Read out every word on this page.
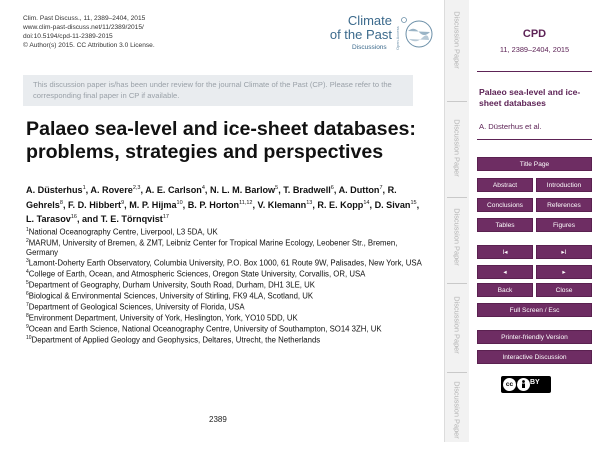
Clim. Past Discuss., 11, 2389–2404, 2015
www.clim-past-discuss.net/11/2389/2015/
doi:10.5194/cpd-11-2389-2015
© Author(s) 2015. CC Attribution 3.0 License.
Climate
of the Past
Discussions Open Access
This discussion paper is/has been under review for the journal Climate of the Past (CP). Please refer to the corresponding final paper in CP if available.
Palaeo sea-level and ice-sheet databases:
problems, strategies and perspectives
A. Düsterhus$^1$, A. Rovere$^{2,3}$, A. E. Carlson$^4$, N. L. M. Barlow$^5$, T. Bradwell$^6$, A. Dutton$^7$, R. Gehrels$^8$, F. D. Hibbert$^9$, M. P. Hijma$^{10}$, B. P. Horton$^{11,12}$, V. Klemann$^{13}$, R. E. Kopp$^{14}$, D. Sivan$^{15}$, L. Tarasov$^{16}$, and T. E. Törnqvist$^{17}$
$^1$National Oceanography Centre, Liverpool, L3 5DA, UK
$^2$MARUM, University of Bremen, & ZMT, Leibniz Center for Tropical Marine Ecology, Leobener Str., Bremen, Germany
$^3$Lamont-Doherty Earth Observatory, Columbia University, P.O. Box 1000, 61 Route 9W, Palisades, New York, USA
$^4$College of Earth, Ocean, and Atmospheric Sciences, Oregon State University, Corvallis, OR, USA
$^5$Department of Geography, Durham University, South Road, Durham, DH1 3LE, UK
$^6$Biological & Environmental Sciences, University of Stirling, FK9 4LA, Scotland, UK
$^7$Department of Geological Sciences, University of Florida, USA
$^8$Environment Department, University of York, Heslington, York, YO10 5DD, UK
$^9$Ocean and Earth Science, National Oceanography Centre, University of Southampton, SO14 3ZH, UK
$^{10}$Department of Applied Geology and Geophysics, Deltares, Utrecht, the Netherlands
2389
Discussion Paper
Discussion Paper
Discussion Paper
Discussion Paper
Discussion Paper
CPD
11, 2389–2404, 2015
Palaeo sea-level and ice-sheet databases
A. Düsterhus et al.
Title Page
Abstract	Introduction
Conclusions	References
Tables	Figures
I◂	▸I
◂	▸
Back	Close
Full Screen / Esc
Printer-friendly Version
Interactive Discussion
cc	BY
